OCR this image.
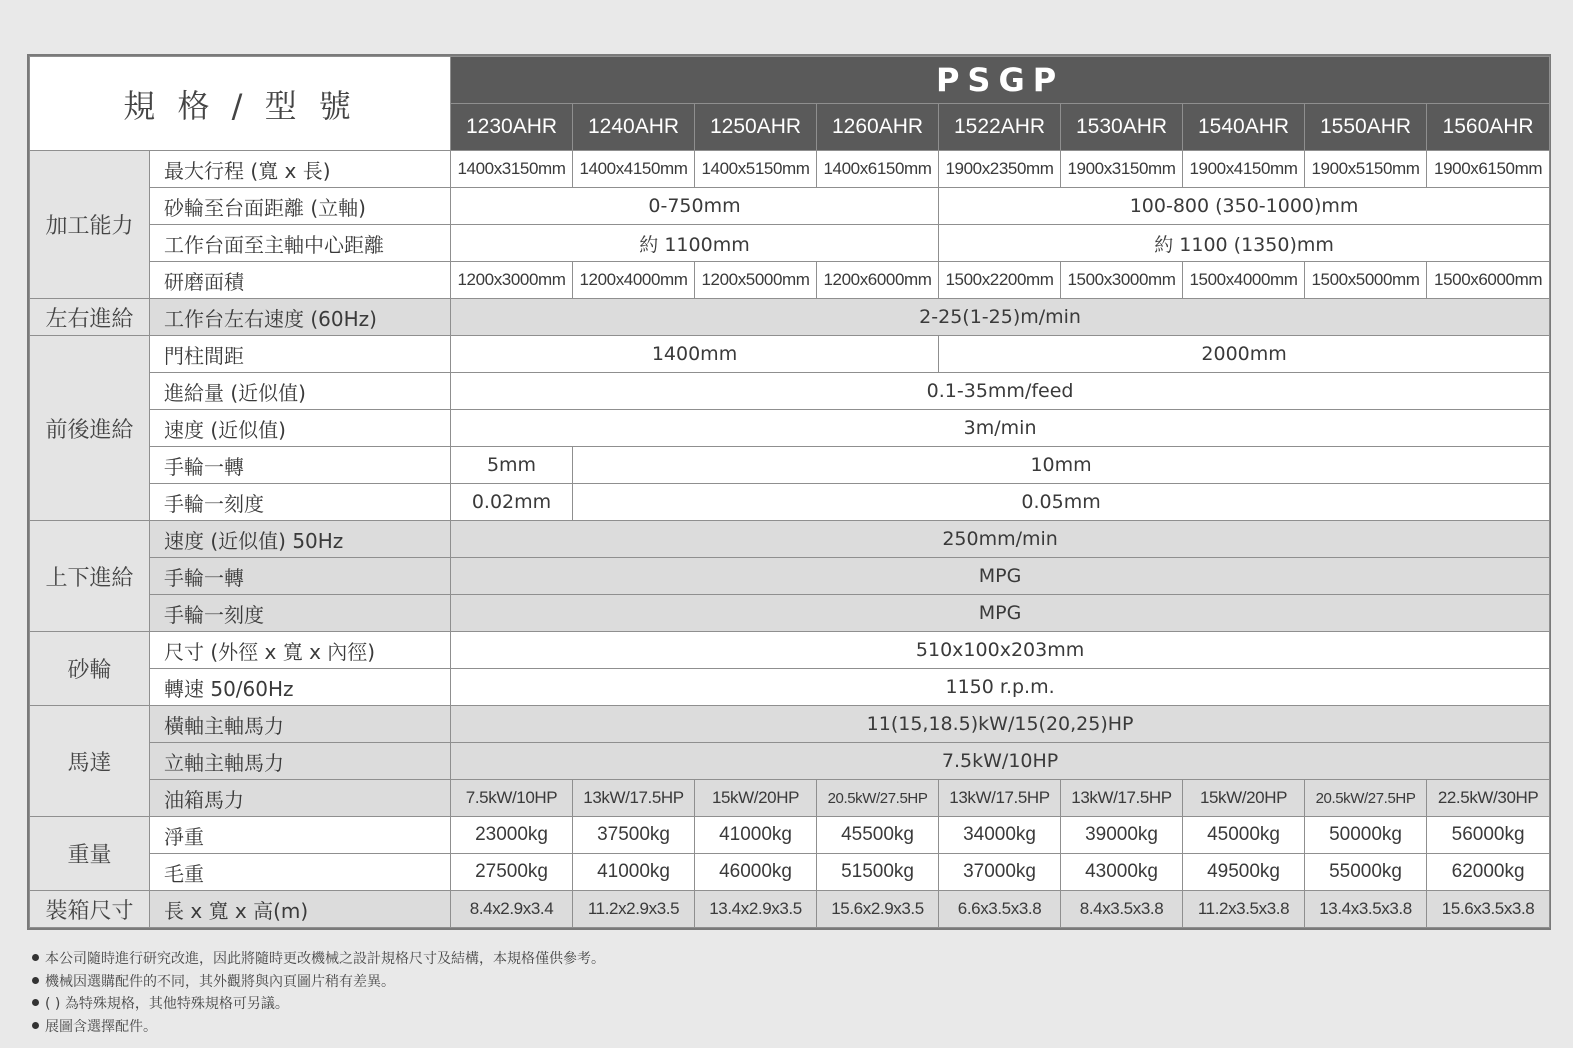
規 格 / 型 號		PSGP								
		1230AHR	1240AHR	1250AHR	1260AHR	1522AHR	1530AHR	1540AHR	1550AHR	1560AHR
加工能力	最大行程 (寬 x 長)	1400x3150mm	1400x4150mm	1400x5150mm	1400x6150mm	1900x2350mm	1900x3150mm	1900x4150mm	1900x5150mm	1900x6150mm
	砂輪至台面距離 (立軸)	0-750mm				100-800 (350-1000)mm				
	工作台面至主軸中心距離	約 1100mm				約 1100 (1350)mm				
	研磨面積	1200x3000mm	1200x4000mm	1200x5000mm	1200x6000mm	1500x2200mm	1500x3000mm	1500x4000mm	1500x5000mm	1500x6000mm
左右進給	工作台左右速度 (60Hz)	2-25(1-25)m/min								
前後進給	門柱間距	1400mm				2000mm				
	進給量 (近似值)	0.1-35mm/feed								
	速度 (近似值)	3m/min								
	手輪一轉	5mm	10mm							
	手輪一刻度	0.02mm	0.05mm							
上下進給	速度 (近似值) 50Hz	250mm/min								
	手輪一轉	MPG								
	手輪一刻度	MPG								
砂輪	尺寸 (外徑 x 寬 x 內徑)	510x100x203mm								
	轉速 50/60Hz	1150 r.p.m.								
馬達	橫軸主軸馬力	11(15,18.5)kW/15(20,25)HP								
	立軸主軸馬力	7.5kW/10HP								
	油箱馬力	7.5kW/10HP	13kW/17.5HP	15kW/20HP	20.5kW/27.5HP	13kW/17.5HP	13kW/17.5HP	15kW/20HP	20.5kW/27.5HP	22.5kW/30HP
重量	淨重	23000kg	37500kg	41000kg	45500kg	34000kg	39000kg	45000kg	50000kg	56000kg
	毛重	27500kg	41000kg	46000kg	51500kg	37000kg	43000kg	49500kg	55000kg	62000kg
裝箱尺寸	長 x 寬 x 高(m)	8.4x2.9x3.4	11.2x2.9x3.5	13.4x2.9x3.5	15.6x2.9x3.5	6.6x3.5x3.8	8.4x3.5x3.8	11.2x3.5x3.8	13.4x3.5x3.8	15.6x3.5x3.8
本公司隨時進行研究改進，因此將隨時更改機械之設計規格尺寸及結構，本規格僅供參考。
機械因選購配件的不同，其外觀將與內頁圖片稍有差異。
( ) 為特殊規格，其他特殊規格可另議。
展圖含選擇配件。
